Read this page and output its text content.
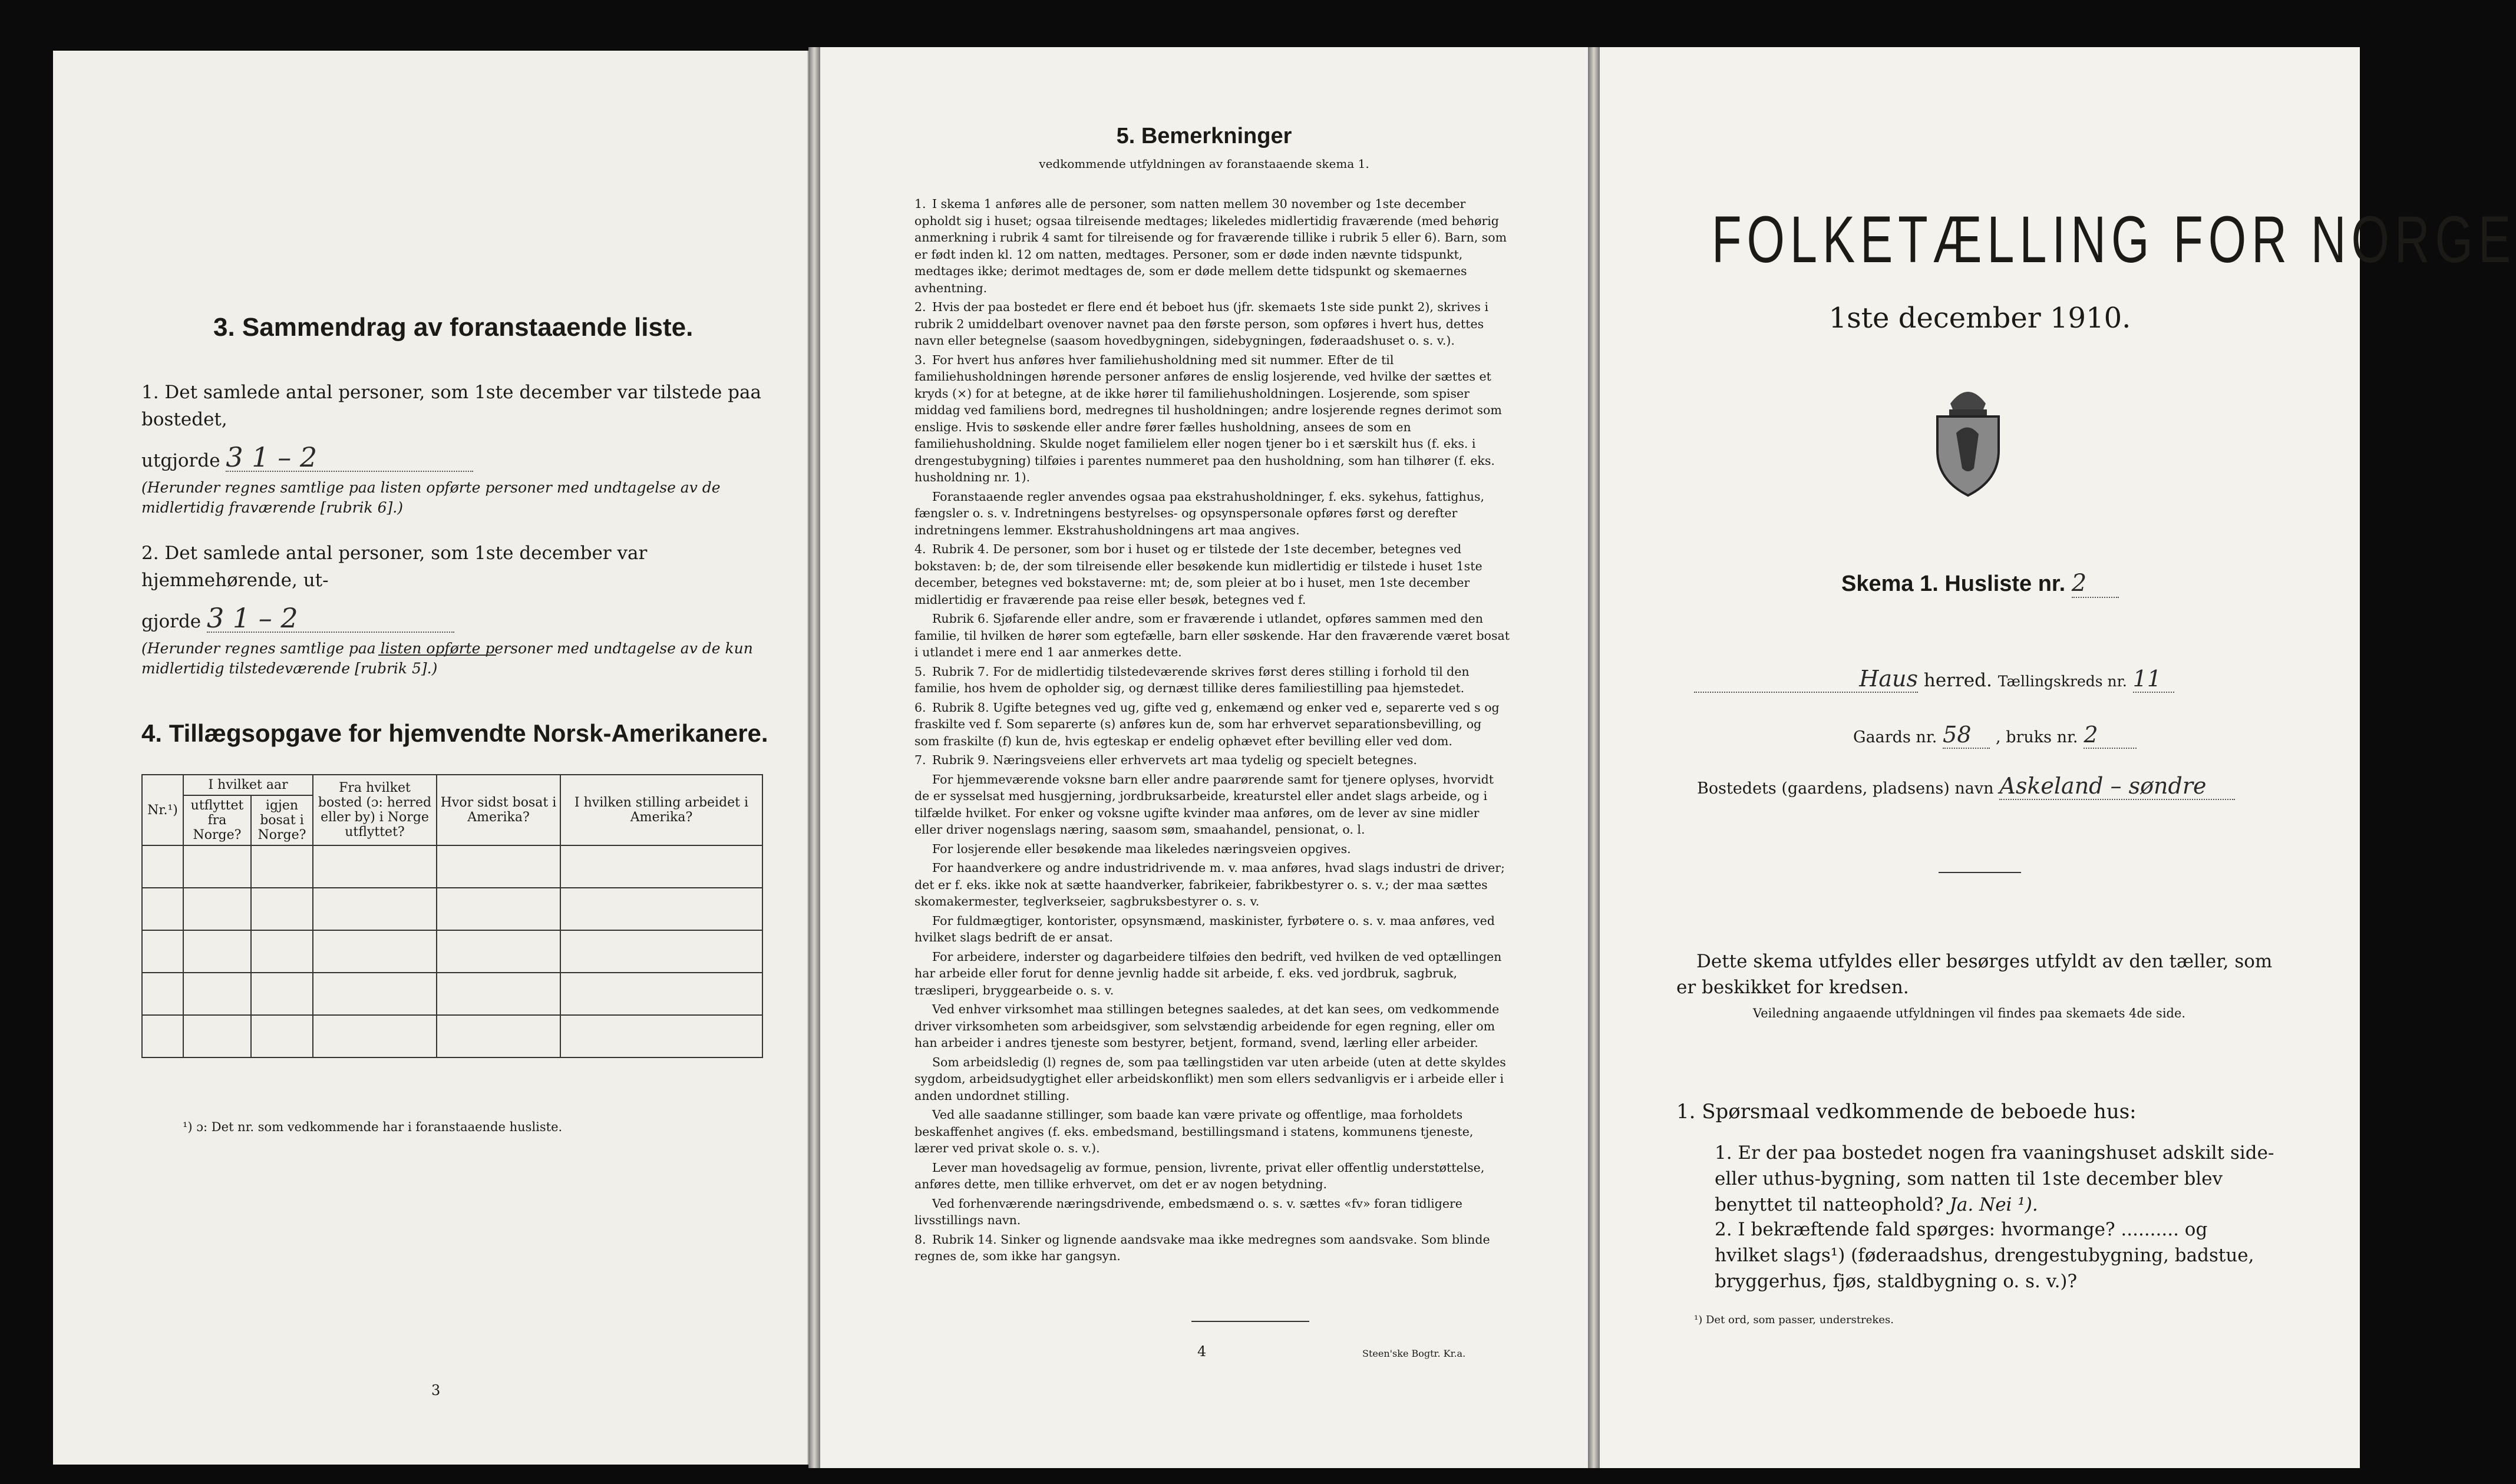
3. Sammendrag av foranstaaende liste.
1. Det samlede antal personer, som 1ste december var tilstede paa bostedet,
utgjorde 3 1 – 2
(Herunder regnes samtlige paa listen opførte personer med undtagelse av de midlertidig fraværende [rubrik 6].)
2. Det samlede antal personer, som 1ste december var hjemmehørende, ut-
gjorde 3 1 – 2
(Herunder regnes samtlige paa listen opførte personer med undtagelse av de kun midlertidig tilstedeværende [rubrik 5].)
4. Tillægsopgave for hjemvendte Norsk-Amerikanere.
Nr.¹)	I hvilket aar		Fra hvilket bosted (ɔ: herred eller by) i Norge utflyttet?	Hvor sidst bosat i Amerika?	I hvilken stilling arbeidet i Amerika?
	utflyttet fra Norge?	igjen bosat i Norge?			

¹) ɔ: Det nr. som vedkommende har i foranstaaende husliste.
3
5. Bemerkninger
vedkommende utfyldningen av foranstaaende skema 1.

1. I skema 1 anføres alle de personer, som natten mellem 30 november og 1ste december opholdt sig i huset; ogsaa tilreisende medtages; likeledes midlertidig fraværende (med behørig anmerkning i rubrik 4 samt for tilreisende og for fraværende tillike i rubrik 5 eller 6). Barn, som er født inden kl. 12 om natten, medtages. Personer, som er døde inden nævnte tidspunkt, medtages ikke; derimot medtages de, som er døde mellem dette tidspunkt og skemaernes avhentning.

2. Hvis der paa bostedet er flere end ét beboet hus (jfr. skemaets 1ste side punkt 2), skrives i rubrik 2 umiddelbart ovenover navnet paa den første person, som opføres i hvert hus, dettes navn eller betegnelse (saasom hovedbygningen, sidebygningen, føderaadshuset o. s. v.).

3. For hvert hus anføres hver familiehusholdning med sit nummer. Efter de til familiehusholdningen hørende personer anføres de enslig losjerende, ved hvilke der sættes et kryds (×) for at betegne, at de ikke hører til familiehusholdningen. Losjerende, som spiser middag ved familiens bord, medregnes til husholdningen; andre losjerende regnes derimot som enslige. Hvis to søskende eller andre fører fælles husholdning, ansees de som en familiehusholdning. Skulde noget familielem eller nogen tjener bo i et særskilt hus (f. eks. i drengestubygning) tilføies i parentes nummeret paa den husholdning, som han tilhører (f. eks. husholdning nr. 1).

Foranstaaende regler anvendes ogsaa paa ekstrahusholdninger, f. eks. sykehus, fattighus, fængsler o. s. v. Indretningens bestyrelses- og opsynspersonale opføres først og derefter indretningens lemmer. Ekstrahusholdningens art maa angives.

4. Rubrik 4. De personer, som bor i huset og er tilstede der 1ste december, betegnes ved bokstaven: b; de, der som tilreisende eller besøkende kun midlertidig er tilstede i huset 1ste december, betegnes ved bokstaverne: mt; de, som pleier at bo i huset, men 1ste december midlertidig er fraværende paa reise eller besøk, betegnes ved f.

Rubrik 6. Sjøfarende eller andre, som er fraværende i utlandet, opføres sammen med den familie, til hvilken de hører som egtefælle, barn eller søskende. Har den fraværende været bosat i utlandet i mere end 1 aar anmerkes dette.

5. Rubrik 7. For de midlertidig tilstedeværende skrives først deres stilling i forhold til den familie, hos hvem de opholder sig, og dernæst tillike deres familiestilling paa hjemstedet.

6. Rubrik 8. Ugifte betegnes ved ug, gifte ved g, enkemænd og enker ved e, separerte ved s og fraskilte ved f. Som separerte (s) anføres kun de, som har erhvervet separationsbevilling, og som fraskilte (f) kun de, hvis egteskap er endelig ophævet efter bevilling eller ved dom.

7. Rubrik 9. Næringsveiens eller erhvervets art maa tydelig og specielt betegnes.

For hjemmeværende voksne barn eller andre paarørende samt for tjenere oplyses, hvorvidt de er sysselsat med husgjerning, jordbruksarbeide, kreaturstel eller andet slags arbeide, og i tilfælde hvilket. For enker og voksne ugifte kvinder maa anføres, om de lever av sine midler eller driver nogenslags næring, saasom søm, smaahandel, pensionat, o. l.

For losjerende eller besøkende maa likeledes næringsveien opgives.

For haandverkere og andre industridrivende m. v. maa anføres, hvad slags industri de driver; det er f. eks. ikke nok at sætte haandverker, fabrikeier, fabrikbestyrer o. s. v.; der maa sættes skomakermester, teglverkseier, sagbruksbestyrer o. s. v.

For fuldmægtiger, kontorister, opsynsmænd, maskinister, fyrbøtere o. s. v. maa anføres, ved hvilket slags bedrift de er ansat.

For arbeidere, inderster og dagarbeidere tilføies den bedrift, ved hvilken de ved optællingen har arbeide eller forut for denne jevnlig hadde sit arbeide, f. eks. ved jordbruk, sagbruk, træsliperi, bryggearbeide o. s. v.

Ved enhver virksomhet maa stillingen betegnes saaledes, at det kan sees, om vedkommende driver virksomheten som arbeidsgiver, som selvstændig arbeidende for egen regning, eller om han arbeider i andres tjeneste som bestyrer, betjent, formand, svend, lærling eller arbeider.

Som arbeidsledig (l) regnes de, som paa tællingstiden var uten arbeide (uten at dette skyldes sygdom, arbeidsudygtighet eller arbeidskonflikt) men som ellers sedvanligvis er i arbeide eller i anden undordnet stilling.

Ved alle saadanne stillinger, som baade kan være private og offentlige, maa forholdets beskaffenhet angives (f. eks. embedsmand, bestillingsmand i statens, kommunens tjeneste, lærer ved privat skole o. s. v.).

Lever man hovedsagelig av formue, pension, livrente, privat eller offentlig understøttelse, anføres dette, men tillike erhvervet, om det er av nogen betydning.

Ved forhenværende næringsdrivende, embedsmænd o. s. v. sættes «fv» foran tidligere livsstillings navn.

8. Rubrik 14. Sinker og lignende aandsvake maa ikke medregnes som aandsvake. Som blinde regnes de, som ikke har gangsyn.

4	Steen'ske Bogtr. Kr.a.
FOLKETÆLLING FOR NORGE
1ste december 1910.
Skema 1. Husliste nr. 2
Haus herred. Tællingskreds nr. 11
Gaards nr. 58 , bruks nr. 2
Bostedets (gaardens, pladsens) navn Askeland – søndre
Dette skema utfyldes eller besørges utfyldt av den tæller, som er beskikket for kredsen.
Veiledning angaaende utfyldningen vil findes paa skemaets 4de side.
1. Spørsmaal vedkommende de beboede hus:
1. Er der paa bostedet nogen fra vaaningshuset adskilt side- eller uthus-bygning, som natten til 1ste december blev benyttet til natteophold? Ja. Nei ¹).
2. I bekræftende fald spørges: hvormange? .......... og hvilket slags¹) (føderaadshus, drengestubygning, badstue, bryggerhus, fjøs, staldbygning o. s. v.)?
¹) Det ord, som passer, understrekes.
